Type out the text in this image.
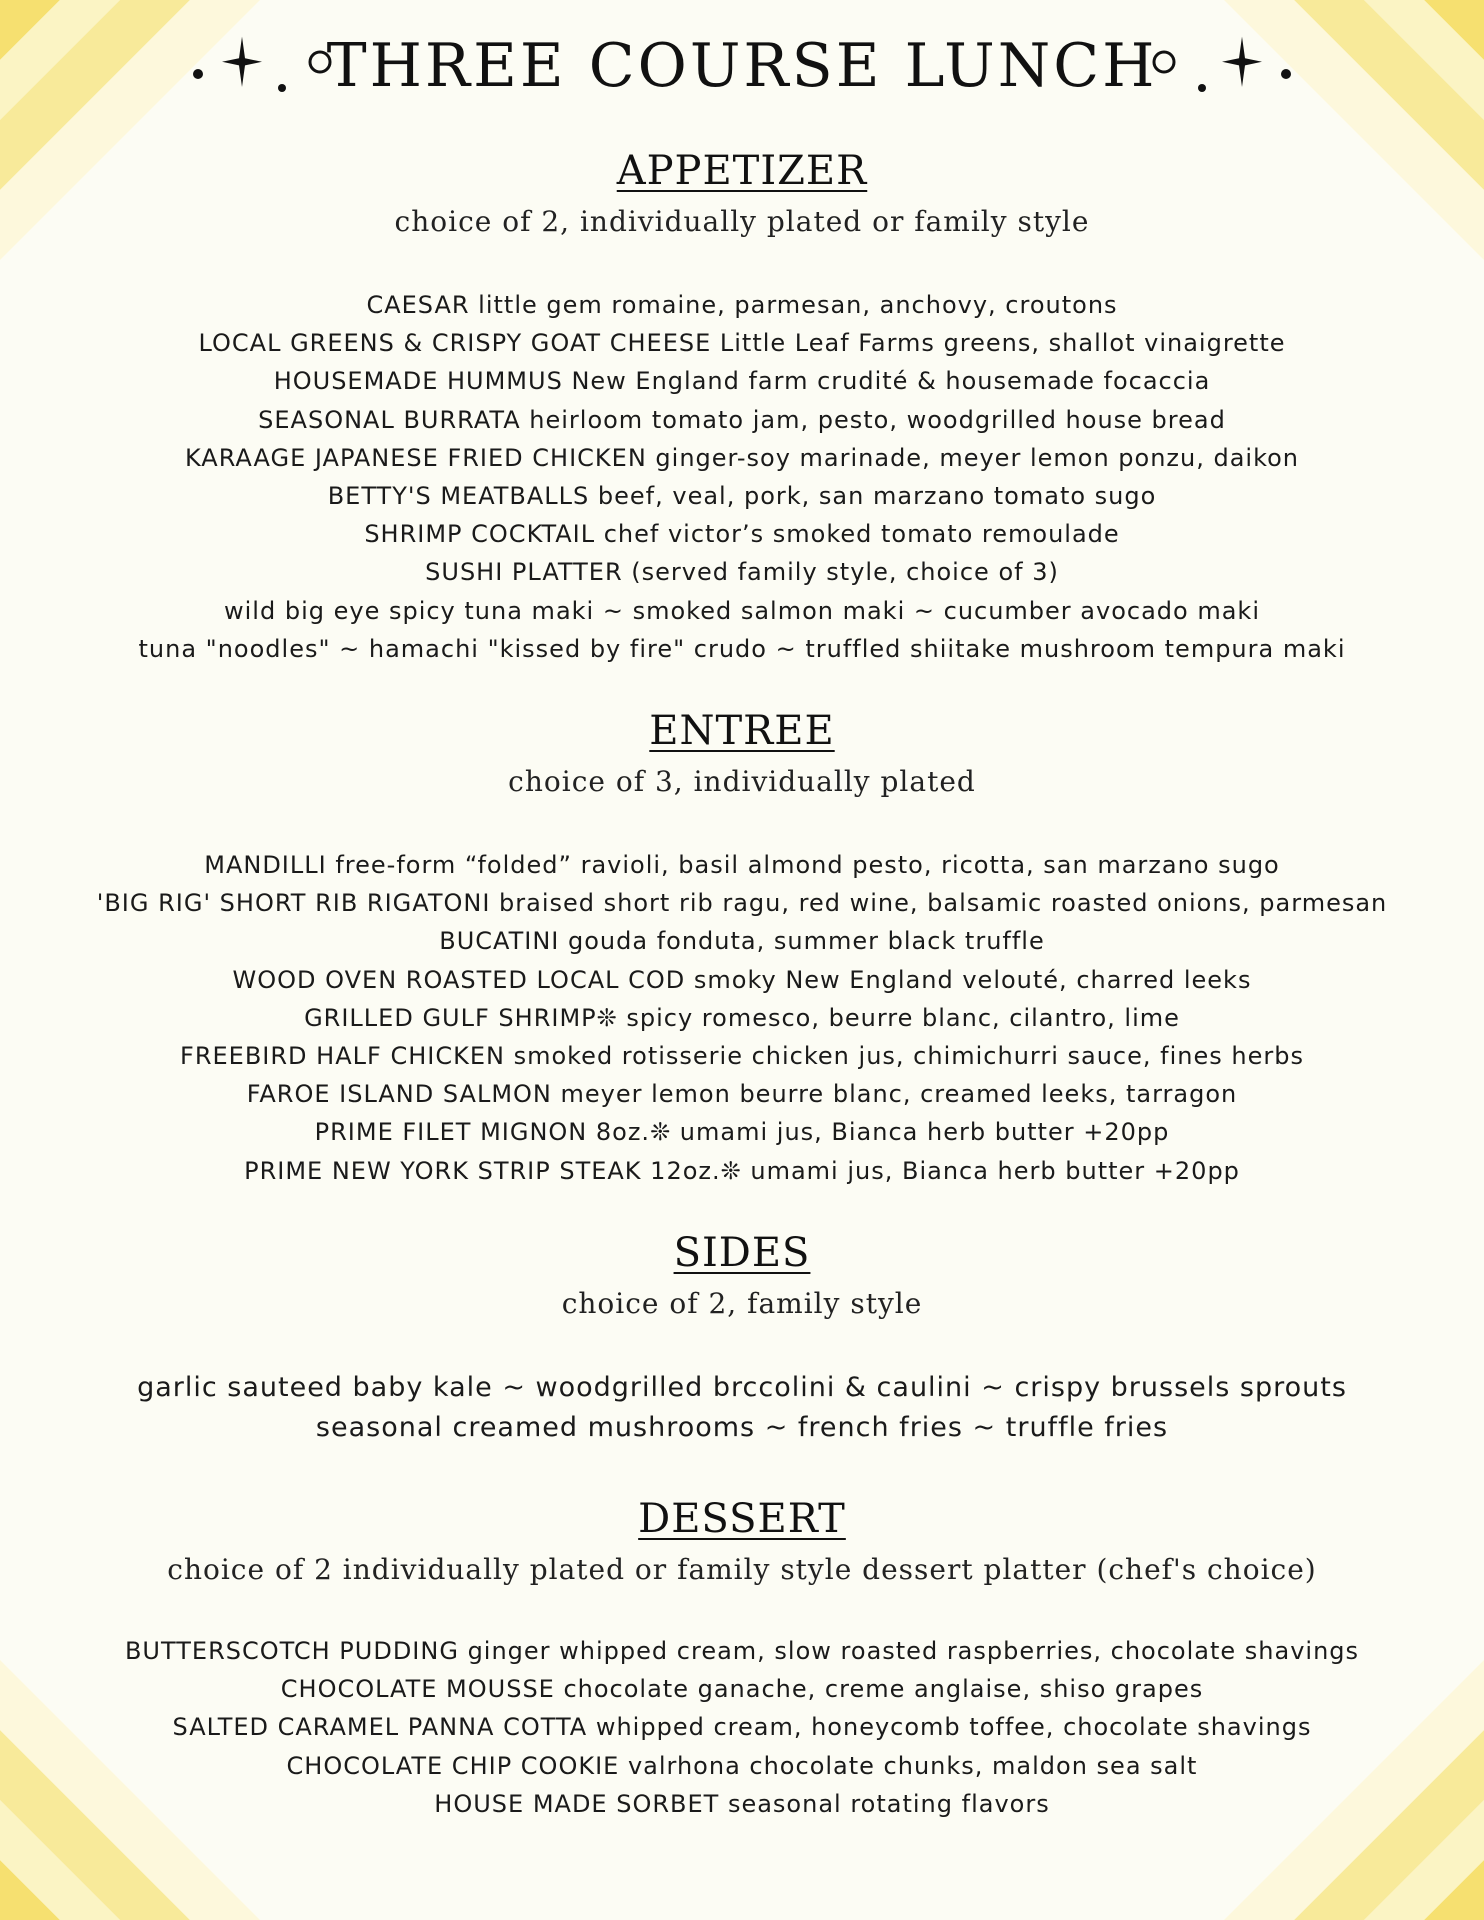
THREE COURSE LUNCH
APPETIZER
choice of 2, individually plated or family style

CAESAR little gem romaine, parmesan, anchovy, croutons

LOCAL GREENS & CRISPY GOAT CHEESE Little Leaf Farms greens, shallot vinaigrette

HOUSEMADE HUMMUS New England farm crudité & housemade focaccia

SEASONAL BURRATA heirloom tomato jam, pesto, woodgrilled house bread

KARAAGE JAPANESE FRIED CHICKEN ginger-soy marinade, meyer lemon ponzu, daikon

BETTY'S MEATBALLS beef, veal, pork, san marzano tomato sugo

SHRIMP COCKTAIL chef victor’s smoked tomato remoulade

SUSHI PLATTER (served family style, choice of 3)

wild big eye spicy tuna maki ~ smoked salmon maki ~ cucumber avocado maki

tuna "noodles" ~ hamachi "kissed by fire" crudo ~ truffled shiitake mushroom tempura maki

ENTREE
choice of 3, individually plated

MANDILLI free-form “folded” ravioli, basil almond pesto, ricotta, san marzano sugo

'BIG RIG' SHORT RIB RIGATONI braised short rib ragu, red wine, balsamic roasted onions, parmesan

BUCATINI gouda fonduta, summer black truffle

WOOD OVEN ROASTED LOCAL COD smoky New England velouté, charred leeks

GRILLED GULF SHRIMP❊ spicy romesco, beurre blanc, cilantro, lime

FREEBIRD HALF CHICKEN smoked rotisserie chicken jus, chimichurri sauce, fines herbs

FAROE ISLAND SALMON meyer lemon beurre blanc, creamed leeks, tarragon

PRIME FILET MIGNON 8oz.❊ umami jus, Bianca herb butter +20pp

PRIME NEW YORK STRIP STEAK 12oz.❊ umami jus, Bianca herb butter +20pp

SIDES
choice of 2, family style

garlic sauteed baby kale ~ woodgrilled brccolini & caulini ~ crispy brussels sprouts

seasonal creamed mushrooms ~ french fries ~ truffle fries

DESSERT
choice of 2 individually plated or family style dessert platter (chef's choice)

BUTTERSCOTCH PUDDING ginger whipped cream, slow roasted raspberries, chocolate shavings

CHOCOLATE MOUSSE chocolate ganache, creme anglaise, shiso grapes

SALTED CARAMEL PANNA COTTA whipped cream, honeycomb toffee, chocolate shavings

CHOCOLATE CHIP COOKIE valrhona chocolate chunks, maldon sea salt

HOUSE MADE SORBET seasonal rotating flavors
